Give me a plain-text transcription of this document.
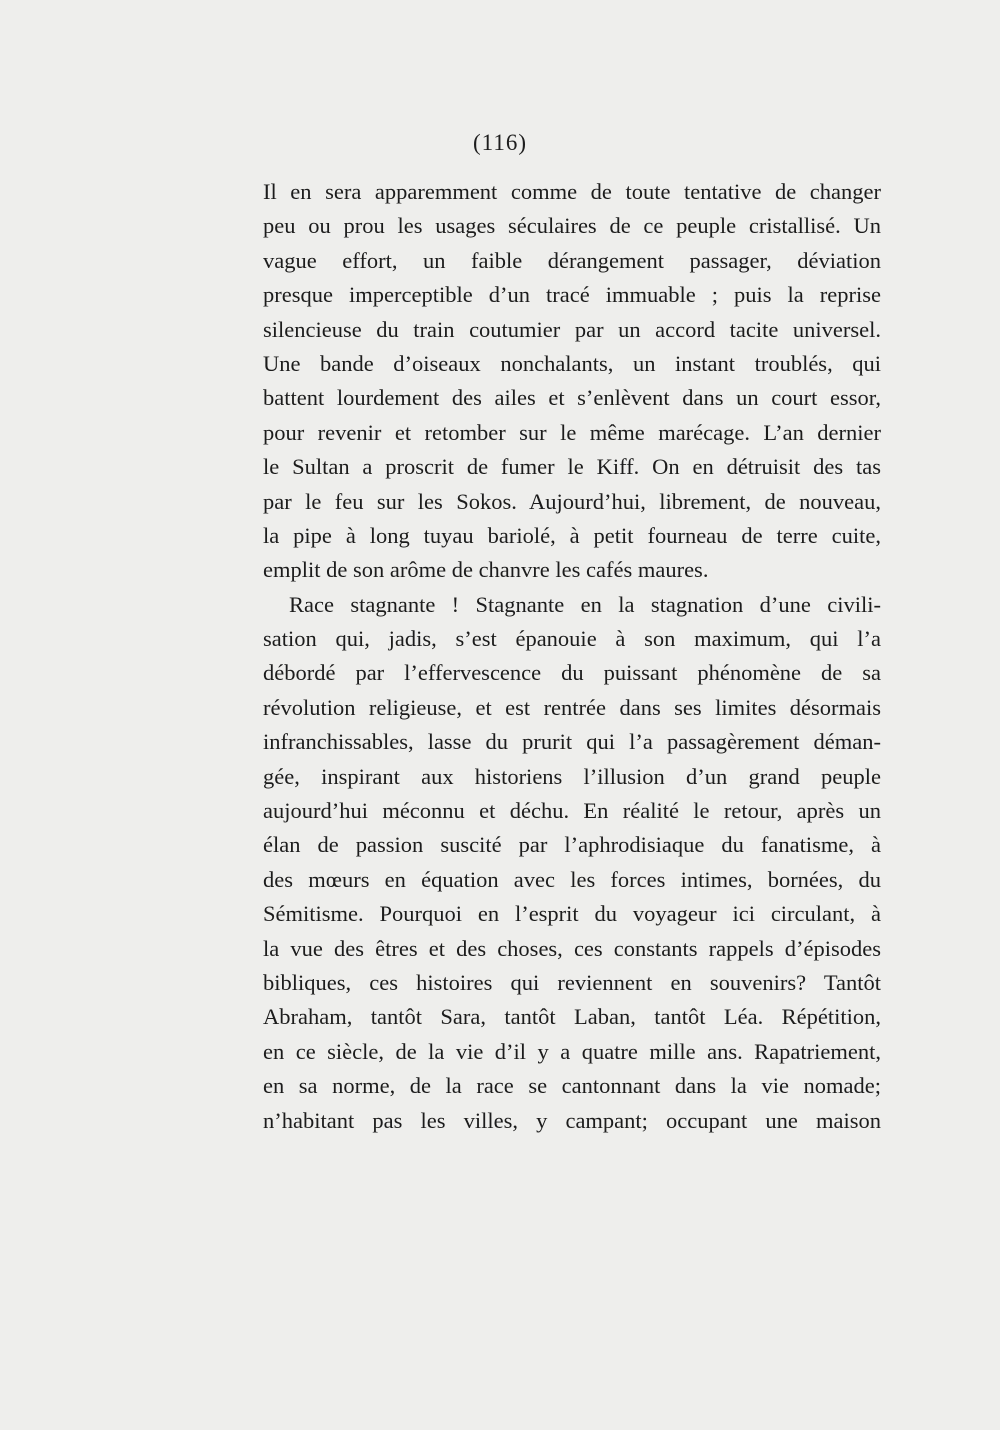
(116)
Il en sera apparemment comme de toute tentative de changer
peu ou prou les usages séculaires de ce peuple cristallisé. Un
vague effort, un faible dérangement passager, déviation
presque imperceptible d’un tracé immuable ; puis la reprise
silencieuse du train coutumier par un accord tacite universel.
Une bande d’oiseaux nonchalants, un instant troublés, qui
battent lourdement des ailes et s’enlèvent dans un court essor,
pour revenir et retomber sur le même marécage. L’an dernier
le Sultan a proscrit de fumer le Kiff. On en détruisit des tas
par le feu sur les Sokos. Aujourd’hui, librement, de nouveau,
la pipe à long tuyau bariolé, à petit fourneau de terre cuite,
emplit de son arôme de chanvre les cafés maures.
Race stagnante ! Stagnante en la stagnation d’une civili-
sation qui, jadis, s’est épanouie à son maximum, qui l’a
débordé par l’effervescence du puissant phénomène de sa
révolution religieuse, et est rentrée dans ses limites désormais
infranchissables, lasse du prurit qui l’a passagèrement déman-
gée, inspirant aux historiens l’illusion d’un grand peuple
aujourd’hui méconnu et déchu. En réalité le retour, après un
élan de passion suscité par l’aphrodisiaque du fanatisme, à
des mœurs en équation avec les forces intimes, bornées, du
Sémitisme. Pourquoi en l’esprit du voyageur ici circulant, à
la vue des êtres et des choses, ces constants rappels d’épisodes
bibliques, ces histoires qui reviennent en souvenirs? Tantôt
Abraham, tantôt Sara, tantôt Laban, tantôt Léa. Répétition,
en ce siècle, de la vie d’il y a quatre mille ans. Rapatriement,
en sa norme, de la race se cantonnant dans la vie nomade;
n’habitant pas les villes, y campant; occupant une maison
